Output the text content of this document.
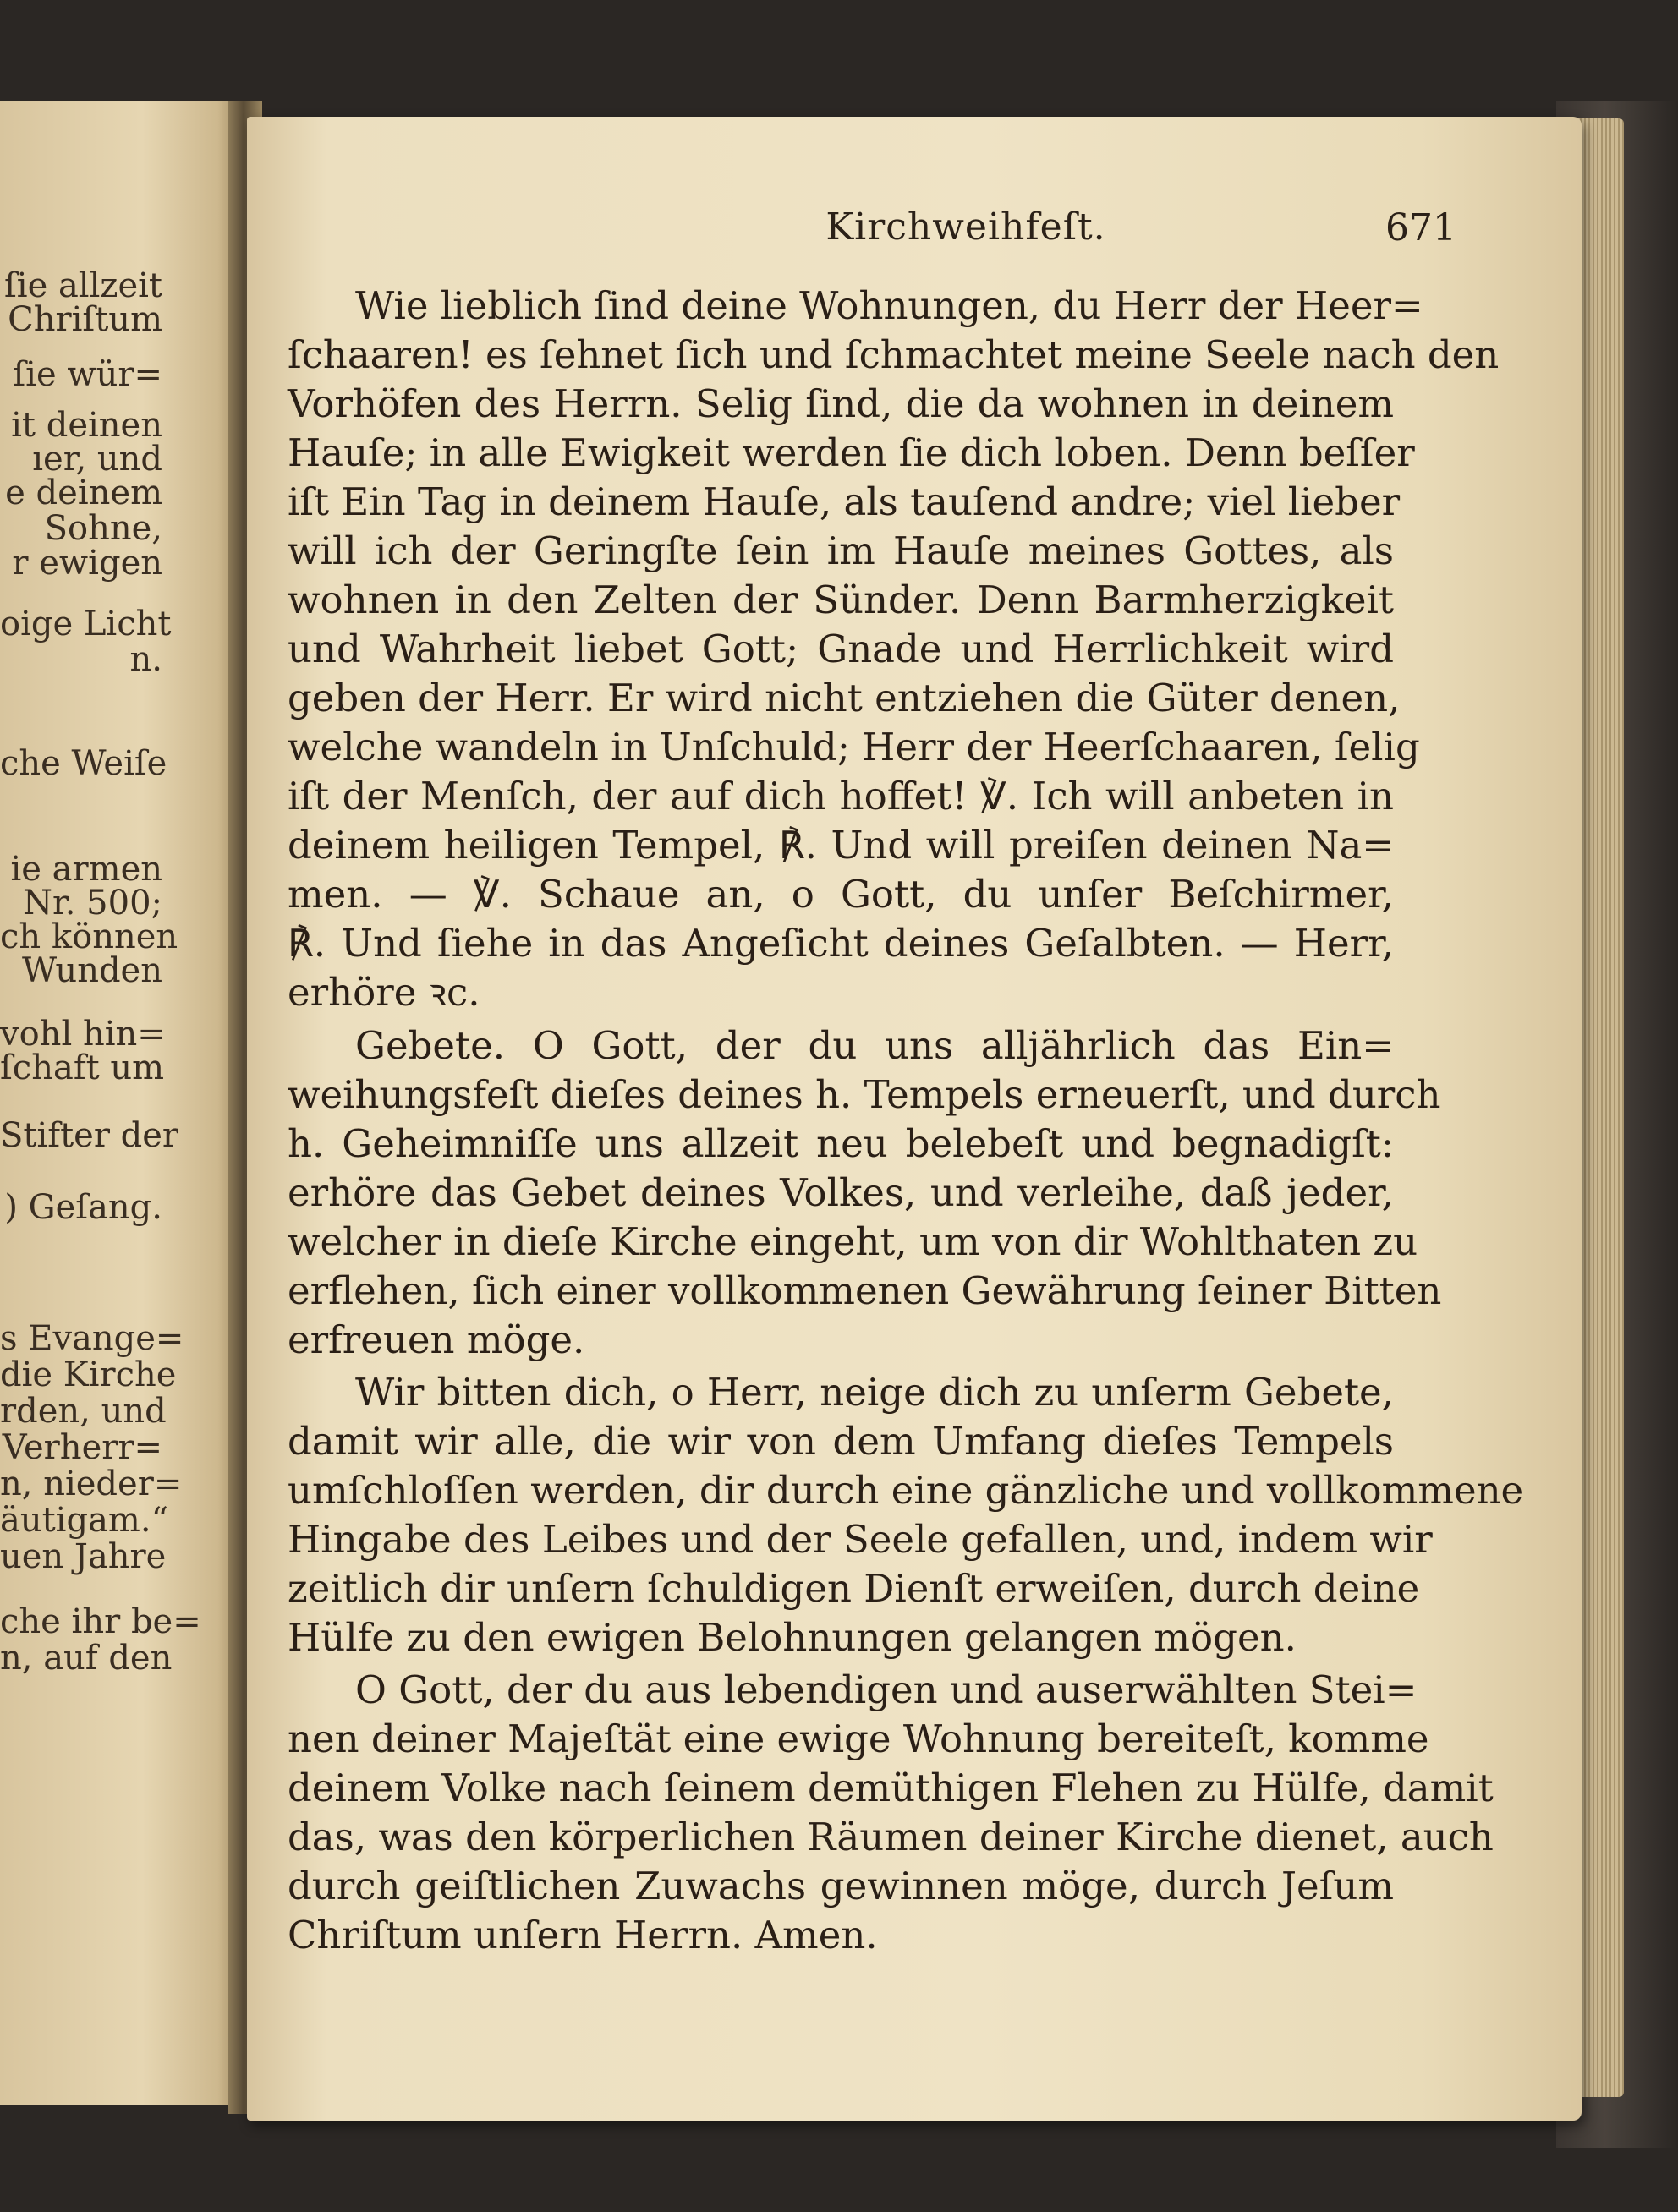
ſie allzeit
Chriſtum
ſie wür=
it deinen
ıer, und
e deinem
Sohne,
r ewigen
oige Licht
n.
che Weiſe
ie armen
Nr. 500;
ch können
Wunden
vohl hin=
ſchaft um
Stifter der
) Geſang.
s Evange=
die Kirche
rden, und
Verherr=
n, nieder=
äutigam.“
uen Jahre
che ihr be=
n, auf den
Kirchweihfeſt.	671
Wie lieblich ſind deine Wohnungen, du Herr der Heer=
ſchaaren! es ſehnet ſich und ſchmachtet meine Seele nach den
Vorhöfen des Herrn. Selig ſind, die da wohnen in deinem
Hauſe; in alle Ewigkeit werden ſie dich loben. Denn beſſer
iſt Ein Tag in deinem Hauſe, als tauſend andre; viel lieber
will ich der Geringſte ſein im Hauſe meines Gottes, als
wohnen in den Zelten der Sünder. Denn Barmherzigkeit
und Wahrheit liebet Gott; Gnade und Herrlichkeit wird
geben der Herr. Er wird nicht entziehen die Güter denen,
welche wandeln in Unſchuld; Herr der Heerſchaaren, ſelig
iſt der Menſch, der auf dich hoffet! ℣. Ich will anbeten in
deinem heiligen Tempel, ℟. Und will preiſen deinen Na=
men. — ℣. Schaue an, o Gott, du unſer Beſchirmer,
℟. Und ſiehe in das Angeſicht deines Geſalbten. — Herr,
erhöre ꝛc.
Gebete. O Gott, der du uns alljährlich das Ein=
weihungsfeſt dieſes deines h. Tempels erneuerſt, und durch
h. Geheimniſſe uns allzeit neu belebeſt und begnadigſt:
erhöre das Gebet deines Volkes, und verleihe, daß jeder,
welcher in dieſe Kirche eingeht, um von dir Wohlthaten zu
erflehen, ſich einer vollkommenen Gewährung ſeiner Bitten
erfreuen möge.
Wir bitten dich, o Herr, neige dich zu unſerm Gebete,
damit wir alle, die wir von dem Umfang dieſes Tempels
umſchloſſen werden, dir durch eine gänzliche und vollkommene
Hingabe des Leibes und der Seele gefallen, und, indem wir
zeitlich dir unſern ſchuldigen Dienſt erweiſen, durch deine
Hülfe zu den ewigen Belohnungen gelangen mögen.
O Gott, der du aus lebendigen und auserwählten Stei=
nen deiner Majeſtät eine ewige Wohnung bereiteſt, komme
deinem Volke nach ſeinem demüthigen Flehen zu Hülfe, damit
das, was den körperlichen Räumen deiner Kirche dienet, auch
durch geiſtlichen Zuwachs gewinnen möge, durch Jeſum
Chriſtum unſern Herrn. Amen.
